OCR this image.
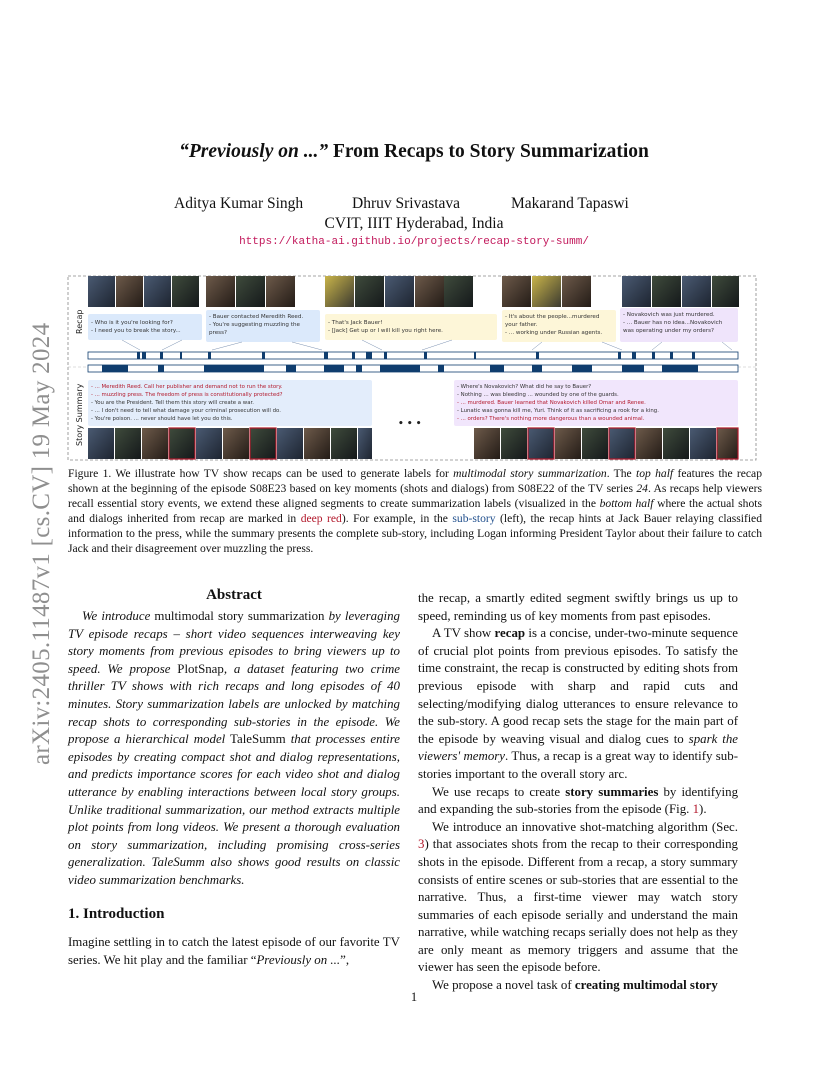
arXiv:2405.11487v1 [cs.CV] 19 May 2024
“Previously on ...” From Recaps to Story Summarization
Aditya Kumar Singh	Dhruv Srivastava	Makarand Tapaswi
CVIT, IIIT Hyderabad, India
https://katha-ai.github.io/projects/recap-story-summ/
Recap
Story Summary
- Who is it you're looking for? - I need you to break the story...
- Bauer contacted Meredith Reed. - You're suggesting muzzling the press?
- That's Jack Bauer! - [Jack] Get up or I will kill you right here.
- It's about the people...murdered your father. - ... working under Russian agents.
- Novakovich was just murdered. - ... Bauer has no idea...Novakovich was operating under my orders?
- ... Meredith Reed. Call her publisher and demand not to run the story. - ... muzzling press. The freedom of press is constitutionally protected? - You are the President. Tell them this story will create a war. - ... I don't need to tell what damage your criminal prosecution will do. - You're poison. ... never should have let you do this.
- Where's Novakovich? What did he say to Bauer? - Nothing ... was bleeding ... wounded by one of the guards. - ... murdered. Bauer learned that Novakovich killed Omar and Renee. - Lunatic was gonna kill me, Yuri. Think of it as sacrificing a rook for a king. - ... orders? There's nothing more dangerous than a wounded animal.
• • •
Figure 1. We illustrate how TV show recaps can be used to generate labels for multimodal story summarization. The top half features the recap shown at the beginning of the episode S08E23 based on key moments (shots and dialogs) from S08E22 of the TV series 24. As recaps help viewers recall essential story events, we extend these aligned segments to create summarization labels (visualized in the bottom half where the actual shots and dialogs inherited from recap are marked in deep red). For example, in the sub-story (left), the recap hints at Jack Bauer relaying classified information to the press, while the summary presents the complete sub-story, including Logan informing President Taylor about their failure to catch Jack and their disagreement over muzzling the press.
Abstract

We introduce multimodal story summarization by leveraging TV episode recaps – short video sequences interweaving key story moments from previous episodes to bring viewers up to speed. We propose PlotSnap, a dataset featuring two crime thriller TV shows with rich recaps and long episodes of 40 minutes. Story summarization labels are unlocked by matching recap shots to corresponding sub-stories in the episode. We propose a hierarchical model TaleSumm that processes entire episodes by creating compact shot and dialog representations, and predicts importance scores for each video shot and dialog utterance by enabling interactions between local story groups. Unlike traditional summarization, our method extracts multiple plot points from long videos. We present a thorough evaluation on story summarization, including promising cross-series generalization. TaleSumm also shows good results on classic video summarization benchmarks.

1. Introduction
Imagine settling in to catch the latest episode of our favorite TV series. We hit play and the familiar “Previously on ...”,

the recap, a smartly edited segment swiftly brings us up to speed, reminding us of key moments from past episodes.

A TV show recap is a concise, under-two-minute sequence of crucial plot points from previous episodes. To satisfy the time constraint, the recap is constructed by editing shots from previous episode with sharp and rapid cuts and selecting/modifying dialog utterances to ensure relevance to the sub-story. A good recap sets the stage for the main part of the episode by weaving visual and dialog cues to spark the viewers' memory. Thus, a recap is a great way to identify sub-stories important to the overall story arc.

We use recaps to create story summaries by identifying and expanding the sub-stories from the episode (Fig. 1).

We introduce an innovative shot-matching algorithm (Sec. 3) that associates shots from the recap to their corresponding shots in the episode. Different from a recap, a story summary consists of entire scenes or sub-stories that are essential to the narrative. Thus, a first-time viewer may watch story summaries of each episode serially and understand the main narrative, while watching recaps serially does not help as they are only meant as memory triggers and assume that the viewer has seen the episode before.

We propose a novel task of creating multimodal story

1
